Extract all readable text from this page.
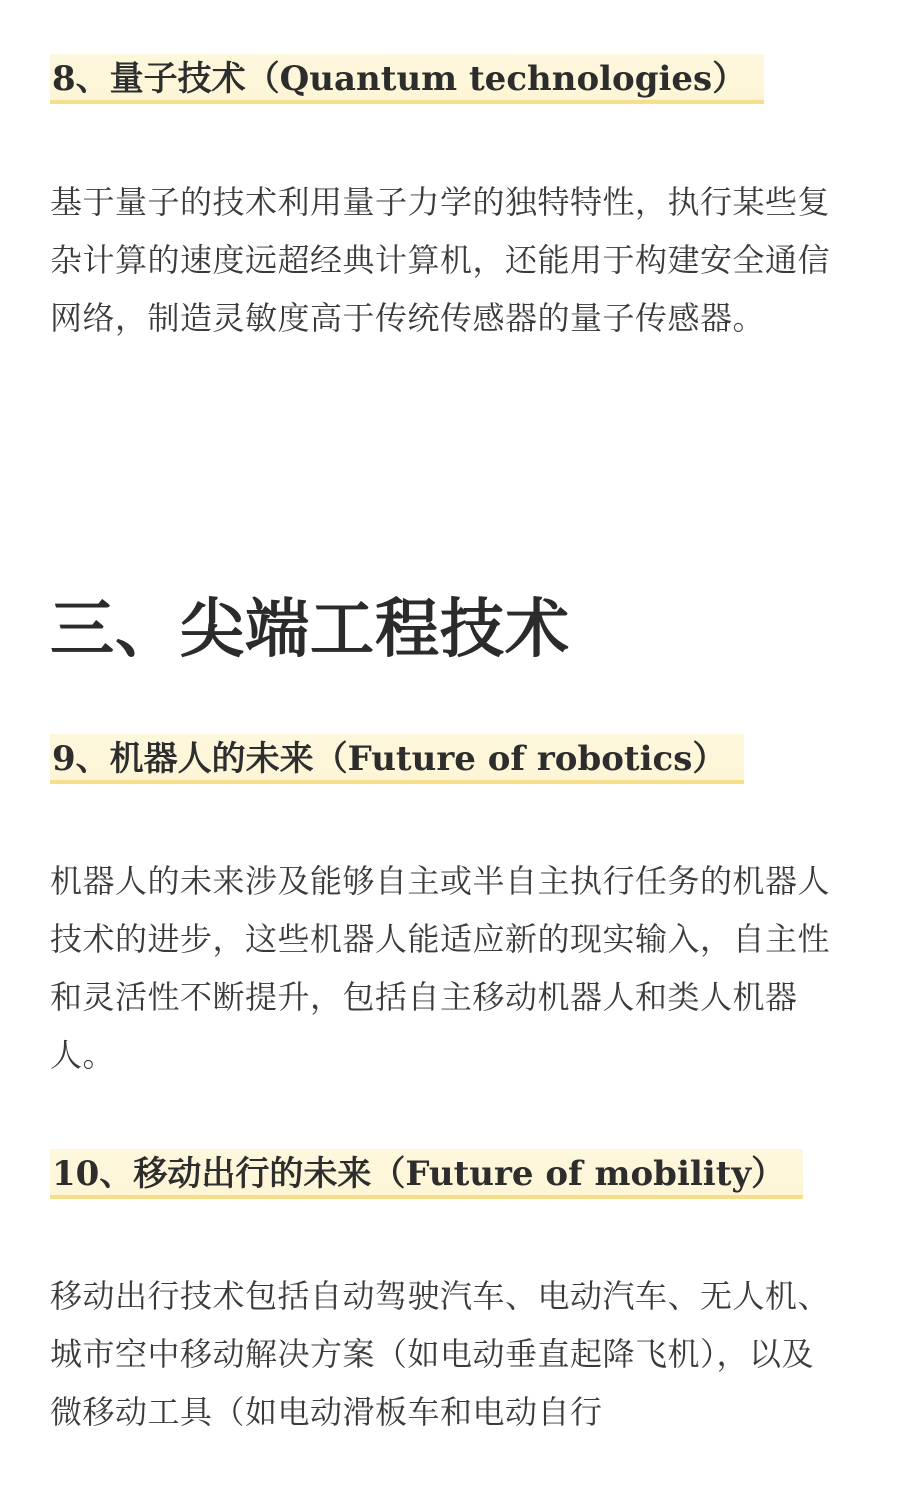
8、量子技术（Quantum technologies）

基于量子的技术利用量子力学的独特特性，执行某些复杂计算的速度远超经典计算机，还能用于构建安全通信网络，制造灵敏度高于传统传感器的量子传感器。

三、尖端工程技术
9、机器人的未来（Future of robotics）

机器人的未来涉及能够自主或半自主执行任务的机器人技术的进步，这些机器人能适应新的现实输入，自主性和灵活性不断提升，包括自主移动机器人和类人机器人。

10、移动出行的未来（Future of mobility）

移动出行技术包括自动驾驶汽车、电动汽车、无人机、城市空中移动解决方案（如电动垂直起降飞机），以及微移动工具（如电动滑板车和电动自行
